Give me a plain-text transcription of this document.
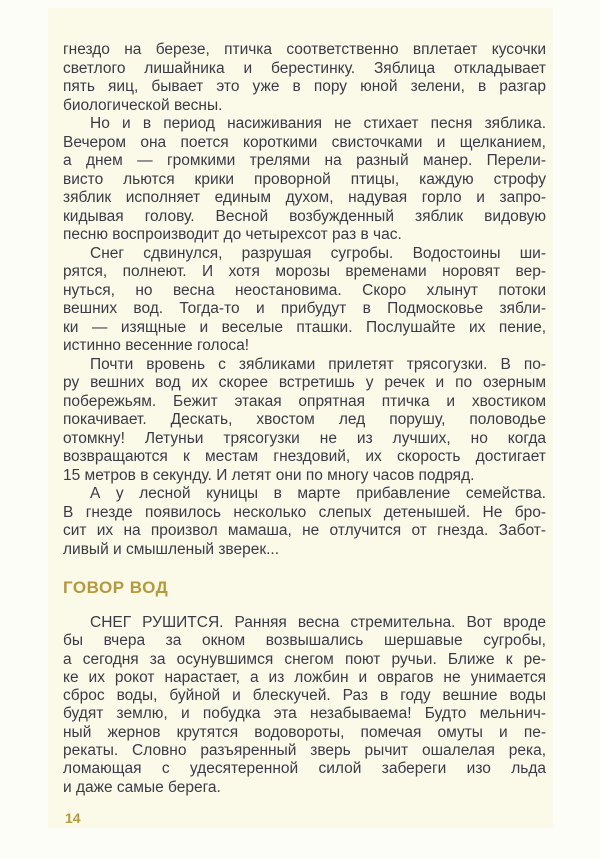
гнездо на березе, птичка соответственно вплетает кусочки
светлого лишайника и берестинку. Зяблица откладывает
пять яиц, бывает это уже в пору юной зелени, в разгар
биологической весны.
Но и в период насиживания не стихает песня зяблика.
Вечером она поется короткими свисточками и щелканием,
а днем — громкими трелями на разный манер. Перели-
висто льются крики проворной птицы, каждую строфу
зяблик исполняет единым духом, надувая горло и запро-
кидывая голову. Весной возбужденный зяблик видовую
песню воспроизводит до четырехсот раз в час.
Снег сдвинулся, разрушая сугробы. Водостоины ши-
рятся, полнеют. И хотя морозы временами норовят вер-
нуться, но весна неостановима. Скоро хлынут потоки
вешних вод. Тогда-то и прибудут в Подмосковье зябли-
ки — изящные и веселые пташки. Послушайте их пение,
истинно весенние голоса!
Почти вровень с зябликами прилетят трясогузки. В по-
ру вешних вод их скорее встретишь у речек и по озерным
побережьям. Бежит этакая опрятная птичка и хвостиком
покачивает. Дескать, хвостом лед порушу, половодье
отомкну! Летуньи трясогузки не из лучших, но когда
возвращаются к местам гнездовий, их скорость достигает
15 метров в секунду. И летят они по многу часов подряд.
А у лесной куницы в марте прибавление семейства.
В гнезде появилось несколько слепых детенышей. Не бро-
сит их на произвол мамаша, не отлучится от гнезда. Забот-
ливый и смышленый зверек...
ГОВОР ВОД
СНЕГ РУШИТСЯ. Ранняя весна стремительна. Вот вроде
бы вчера за окном возвышались шершавые сугробы,
а сегодня за осунувшимся снегом поют ручьи. Ближе к ре-
ке их рокот нарастает, а из ложбин и оврагов не унимается
сброс воды, буйной и блескучей. Раз в году вешние воды
будят землю, и побудка эта незабываема! Будто мельнич-
ный жернов крутятся водовороты, помечая омуты и пе-
рекаты. Словно разъяренный зверь рычит ошалелая река,
ломающая с удесятеренной силой забереги изо льда
и даже самые берега.
14
